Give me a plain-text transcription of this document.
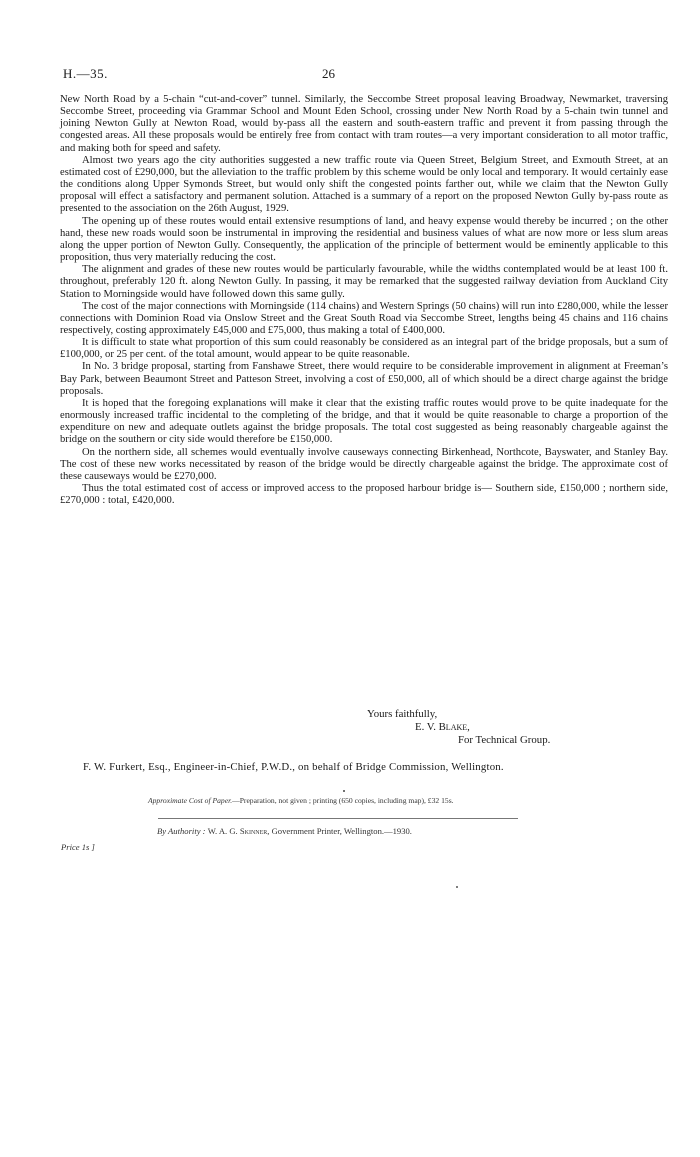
H.—35.	26

New North Road by a 5-chain “cut-and-cover” tunnel. Similarly, the Seccombe Street proposal leaving Broadway, Newmarket, traversing Seccombe Street, proceeding via Grammar School and Mount Eden School, crossing under New North Road by a 5-chain twin tunnel and joining Newton Gully at Newton Road, would by-pass all the eastern and south-eastern traffic and prevent it from passing through the congested areas. All these proposals would be entirely free from contact with tram routes—a very important consideration to all motor traffic, and making both for speed and safety.

Almost two years ago the city authorities suggested a new traffic route via Queen Street, Belgium Street, and Exmouth Street, at an estimated cost of £290,000, but the alleviation to the traffic problem by this scheme would be only local and temporary. It would certainly ease the conditions along Upper Symonds Street, but would only shift the congested points farther out, while we claim that the Newton Gully proposal will effect a satisfactory and permanent solution. Attached is a summary of a report on the proposed Newton Gully by-pass route as presented to the association on the 26th August, 1929.

The opening up of these routes would entail extensive resumptions of land, and heavy expense would thereby be incurred ; on the other hand, these new roads would soon be instrumental in improving the residential and business values of what are now more or less slum areas along the upper portion of Newton Gully. Consequently, the application of the principle of betterment would be eminently applicable to this proposition, thus very materially reducing the cost.

The alignment and grades of these new routes would be particularly favourable, while the widths contemplated would be at least 100 ft. throughout, preferably 120 ft. along Newton Gully. In passing, it may be remarked that the suggested railway deviation from Auckland City Station to Morningside would have followed down this same gully.

The cost of the major connections with Morningside (114 chains) and Western Springs (50 chains) will run into £280,000, while the lesser connections with Dominion Road via Onslow Street and the Great South Road via Seccombe Street, lengths being 45 chains and 116 chains respectively, costing approximately £45,000 and £75,000, thus making a total of £400,000.

It is difficult to state what proportion of this sum could reasonably be considered as an integral part of the bridge proposals, but a sum of £100,000, or 25 per cent. of the total amount, would appear to be quite reasonable.

In No. 3 bridge proposal, starting from Fanshawe Street, there would require to be considerable improvement in alignment at Freeman’s Bay Park, between Beaumont Street and Patteson Street, involving a cost of £50,000, all of which should be a direct charge against the bridge proposals.

It is hoped that the foregoing explanations will make it clear that the existing traffic routes would prove to be quite inadequate for the enormously increased traffic incidental to the completing of the bridge, and that it would be quite reasonable to charge a proportion of the expenditure on new and adequate outlets against the bridge proposals. The total cost suggested as being reasonably chargeable against the bridge on the southern or city side would therefore be £150,000.

On the northern side, all schemes would eventually involve causeways connecting Birkenhead, Northcote, Bayswater, and Stanley Bay. The cost of these new works necessitated by reason of the bridge would be directly chargeable against the bridge. The approximate cost of these causeways would be £270,000.

Thus the total estimated cost of access or improved access to the proposed harbour bridge is— Southern side, £150,000 ; northern side, £270,000 : total, £420,000.

Yours faithfully,
E. V. Blake,
For Technical Group.
F. W. Furkert, Esq., Engineer-in-Chief, P.W.D., on behalf of Bridge Commission, Wellington.
Approximate Cost of Paper.—Preparation, not given ; printing (650 copies, including map), £32 15s.
By Authority : W. A. G. Skinner, Government Printer, Wellington.—1930.
Price 1s ]
